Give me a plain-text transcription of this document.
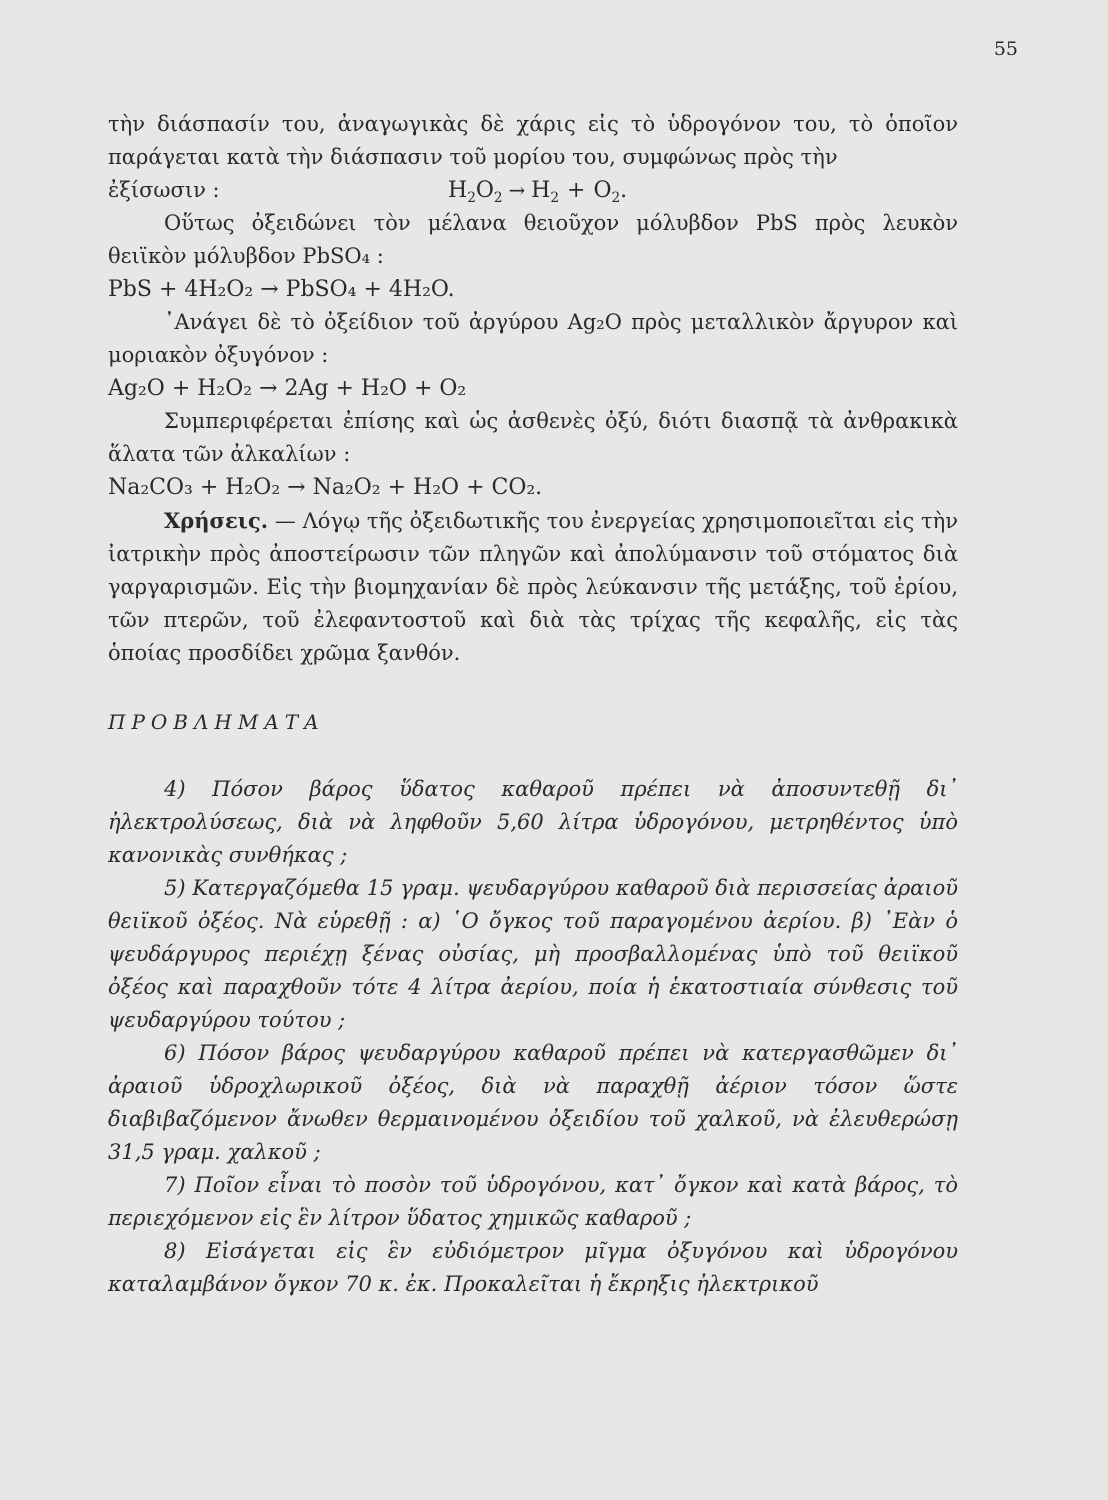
55

τὴν διάσπασίν του, ἀναγωγικὰς δὲ χάρις εἰς τὸ ὑδρογόνον του, τὸ ὁποῖον παράγεται κατὰ τὴν διάσπασιν τοῦ μορίου του, συμφώνως πρὸς τὴν

ἐξίσωσιν :	$H_2O_2 \to H_2 + O_2$.

Οὕτως ὀξειδώνει τὸν μέλανα θειοῦχον μόλυβδον PbS πρὸς λευκὸν θειϊκὸν μόλυβδον PbSO₄ :

PbS + 4H₂O₂ → PbSO₄ + 4H₂O.

᾿Ανάγει δὲ τὸ ὀξείδιον τοῦ ἀργύρου Ag₂O πρὸς μεταλλικὸν ἄργυρον καὶ μοριακὸν ὀξυγόνον :

Ag₂O + H₂O₂ → 2Ag + H₂O + O₂

Συμπεριφέρεται ἐπίσης καὶ ὡς ἀσθενὲς ὀξύ, διότι διασπᾷ τὰ ἀνθρακικὰ ἅλατα τῶν ἀλκαλίων :

Na₂CO₃ + H₂O₂ → Na₂O₂ + H₂O + CO₂.

Χρήσεις. — Λόγῳ τῆς ὀξειδωτικῆς του ἐνεργείας χρησιμοποιεῖται εἰς τὴν ἰατρικὴν πρὸς ἀποστείρωσιν τῶν πληγῶν καὶ ἀπολύμανσιν τοῦ στόματος διὰ γαργαρισμῶν. Εἰς τὴν βιομηχανίαν δὲ πρὸς λεύκανσιν τῆς μετάξης, τοῦ ἐρίου, τῶν πτερῶν, τοῦ ἐλεφαντοστοῦ καὶ διὰ τὰς τρίχας τῆς κεφαλῆς, εἰς τὰς ὁποίας προσδίδει χρῶμα ξανθόν.

ΠΡΟΒΛΗΜΑΤΑ

4) Πόσον βάρος ὕδατος καθαροῦ πρέπει νὰ ἀποσυντεθῇ δι᾿ ἠλεκτρολύσεως, διὰ νὰ ληφθοῦν 5,60 λίτρα ὑδρογόνου, μετρηθέντος ὑπὸ κανονικὰς συνθήκας ;

5) Κατεργαζόμεθα 15 γραμ. ψευδαργύρου καθαροῦ διὰ περισσείας ἀραιοῦ θειϊκοῦ ὀξέος. Νὰ εὑρεθῇ : α) ῾Ο ὄγκος τοῦ παραγομένου ἀερίου. β) ᾿Εὰν ὁ ψευδάργυρος περιέχῃ ξένας οὐσίας, μὴ προσβαλλομένας ὑπὸ τοῦ θειϊκοῦ ὀξέος καὶ παραχθοῦν τότε 4 λίτρα ἀερίου, ποία ἡ ἑκατοστιαία σύνθεσις τοῦ ψευδαργύρου τούτου ;

6) Πόσον βάρος ψευδαργύρου καθαροῦ πρέπει νὰ κατεργασθῶμεν δι᾿ ἀραιοῦ ὑδροχλωρικοῦ ὀξέος, διὰ νὰ παραχθῇ ἀέριον τόσον ὥστε διαβιβαζόμενον ἄνωθεν θερμαινομένου ὀξειδίου τοῦ χαλκοῦ, νὰ ἐλευθερώσῃ 31,5 γραμ. χαλκοῦ ;

7) Ποῖον εἶναι τὸ ποσὸν τοῦ ὑδρογόνου, κατ᾿ ὄγκον καὶ κατὰ βάρος, τὸ περιεχόμενον εἰς ἓν λίτρον ὕδατος χημικῶς καθαροῦ ;

8) Εἰσάγεται εἰς ἓν εὐδιόμετρον μῖγμα ὀξυγόνου καὶ ὑδρογόνου καταλαμβάνον ὄγκον 70 κ. ἐκ. Προκαλεῖται ἡ ἔκρηξις ἠλεκτρικοῦ
